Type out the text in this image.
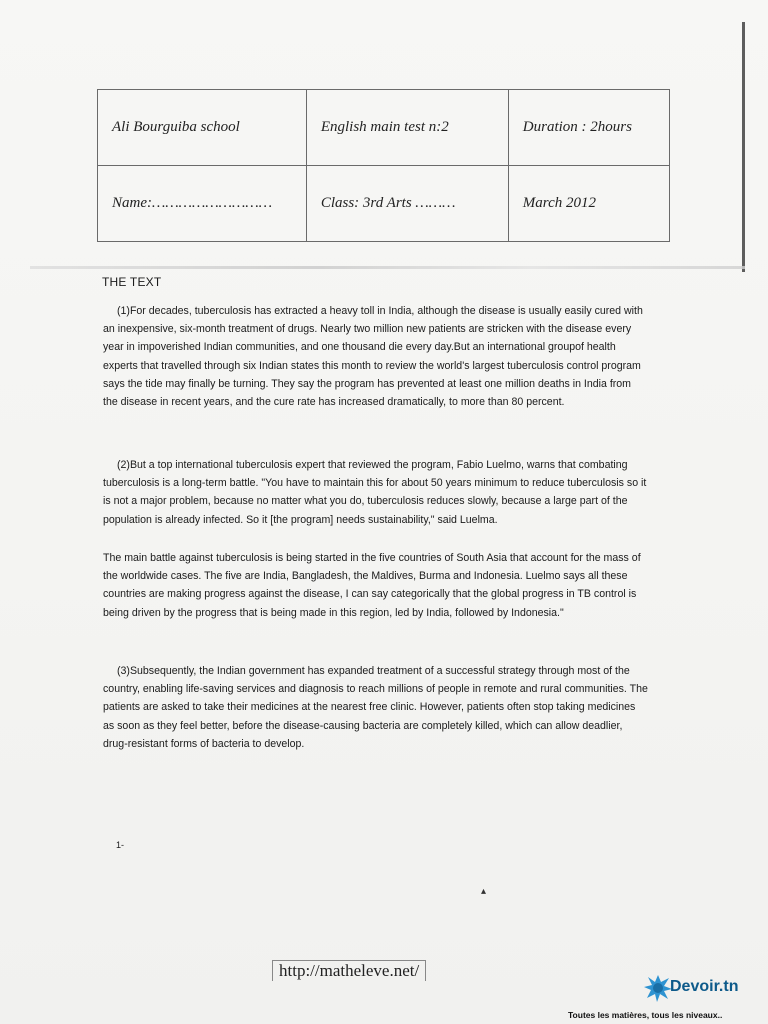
Ali Bourguiba school	English main test n:2	Duration : 2hours
Name:………………………	Class: 3rd Arts ………	March 2012
THE TEXT

(1)For decades, tuberculosis has extracted a heavy toll in India, although the disease is usually easily cured with an inexpensive, six-month treatment of drugs. Nearly two million new patients are stricken with the disease every year in impoverished Indian communities, and one thousand die every day.But an international groupof health experts that travelled through six Indian states this month to review the world's largest tuberculosis control program says the tide may finally be turning. They say the program has prevented at least one million deaths in India from the disease in recent years, and the cure rate has increased dramatically, to more than 80 percent.

(2)But a top international tuberculosis expert that reviewed the program, Fabio Luelmo, warns that combating tuberculosis is a long-term battle. "You have to maintain this for about 50 years minimum to reduce tuberculosis so it is not a major problem, because no matter what you do, tuberculosis reduces slowly, because a large part of the population is already infected. So it [the program] needs sustainability," said Luelma.

The main battle against tuberculosis is being started in the five countries of South Asia that account for the mass of the worldwide cases. The five are India, Bangladesh, the Maldives, Burma and Indonesia. Luelmo says all these countries are making progress against the disease, I can say categorically that the global progress in TB control is being driven by the progress that is being made in this region, led by India, followed by Indonesia."

(3)Subsequently, the Indian government has expanded treatment of a successful strategy through most of the country, enabling life-saving services and diagnosis to reach millions of people in remote and rural communities. The patients are asked to take their medicines at the nearest free clinic. However, patients often stop taking medicines as soon as they feel better, before the disease-causing bacteria are completely killed, which can allow deadlier, drug-resistant forms of bacteria to develop.

1-
▴
http://matheleve.net/
Devoir.tn
Toutes les matières, tous les niveaux..
